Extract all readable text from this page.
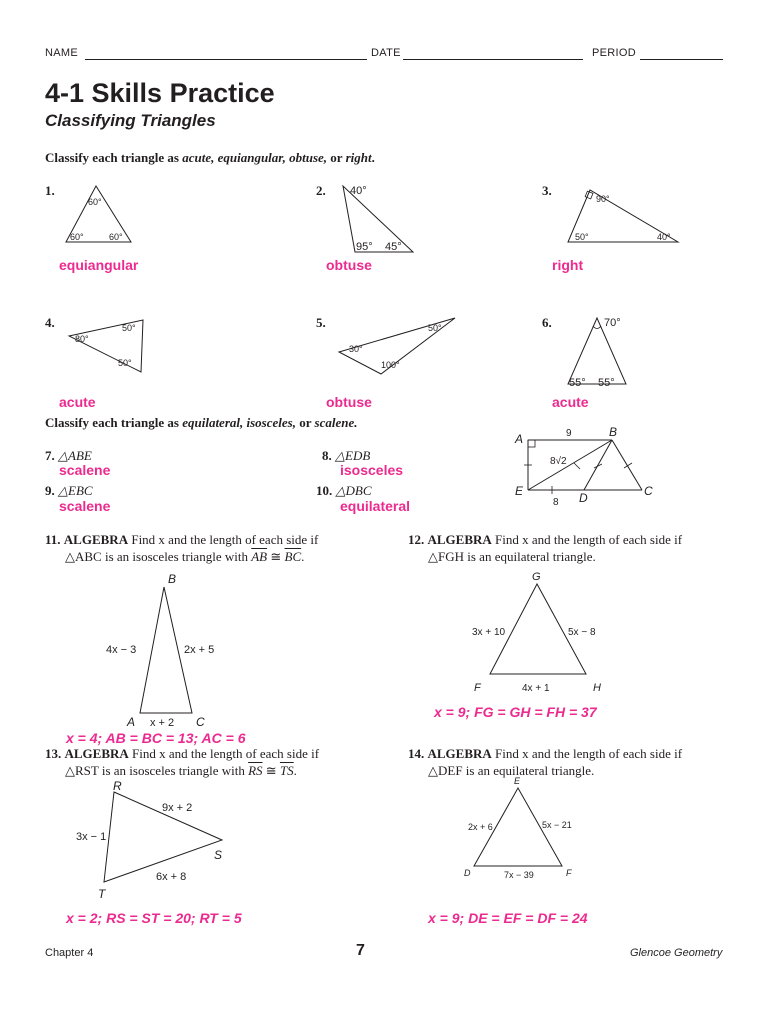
NAME	DATE	PERIOD
4-1 Skills Practice
Classifying Triangles
Classify each triangle as acute, equiangular, obtuse, or right.
1.
60°
60°	60°
equiangular
2. 40°
95° 45°
obtuse
3.
90°
50°	40°
right
4.	50°
80°
50°
acute
5.	50°
30°
100°
obtuse
6.	70°
55° 55°
acute
Classify each triangle as equilateral, isosceles, or scalene.
7. △ABE
scalene
8. △EDB
isosceles
9. △EBC
scalene
10. △DBC
equilateral
A	B
E	D	C
9
8√2
8
11. ALGEBRA Find x and the length of each side if
△ABC is an isosceles triangle with $\overline{AB}$ ≅ $\overline{BC}$.
B
A	C
4x − 3	2x + 5
x + 2
x = 4; AB = BC = 13; AC = 6
12. ALGEBRA Find x and the length of each side if
△FGH is an equilateral triangle.
G
F	H
3x + 10	5x − 8
4x + 1
x = 9; FG = GH = FH = 37
13. ALGEBRA Find x and the length of each side if
△RST is an isosceles triangle with $\overline{RS}$ ≅ $\overline{TS}$.
R
S
T
9x + 2
3x − 1
6x + 8
x = 2; RS = ST = 20; RT = 5
14. ALGEBRA Find x and the length of each side if
△DEF is an equilateral triangle.
E
D	F
2x + 6	5x − 21
7x − 39
x = 9; DE = EF = DF = 24
Chapter 4	7	Glencoe Geometry
